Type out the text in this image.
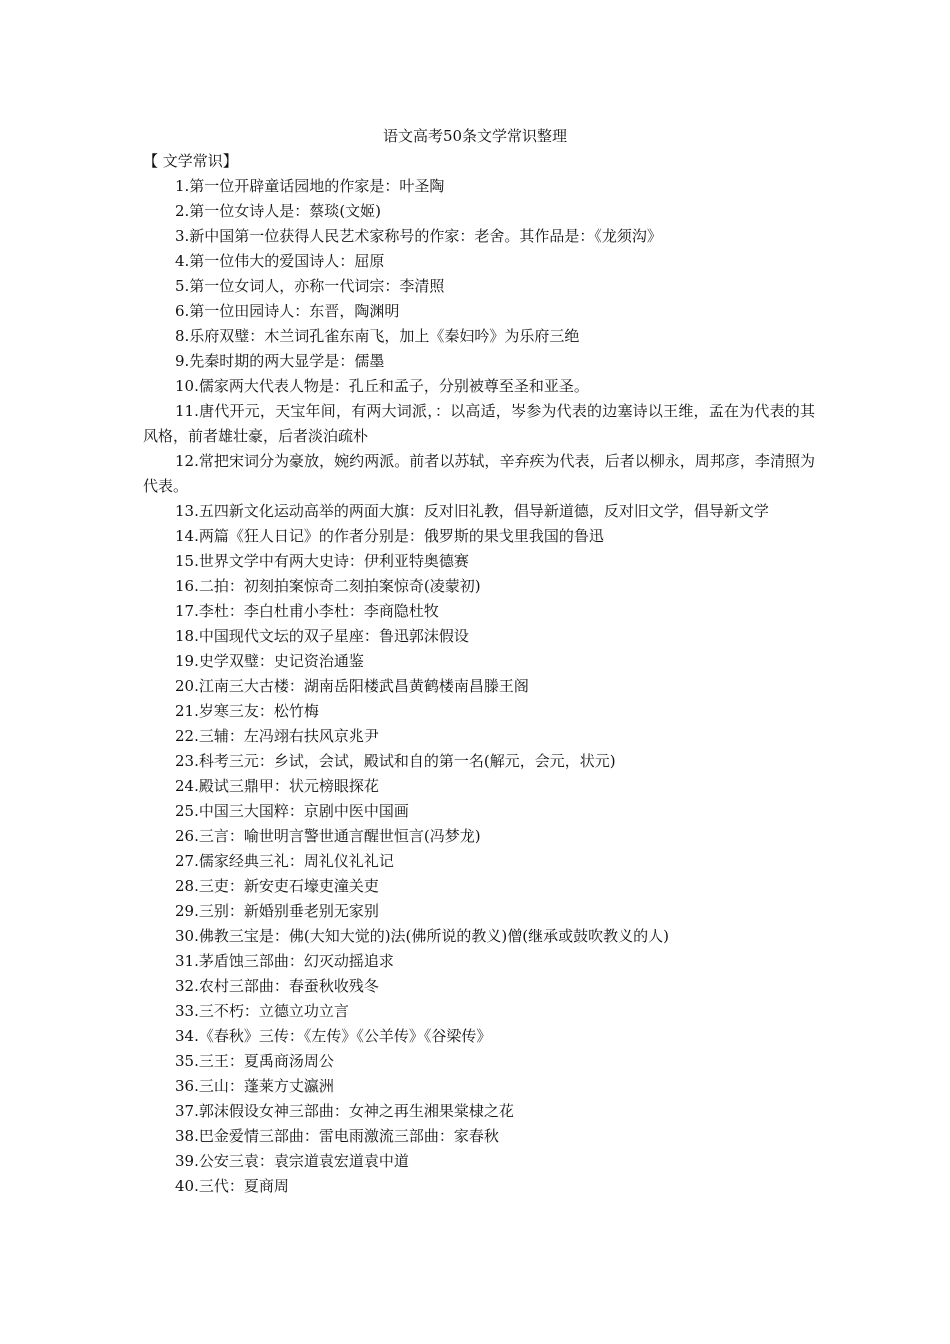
语文高考50条文学常识整理
【 文学常识】

1.第一位开辟童话园地的作家是：叶圣陶

2.第一位女诗人是：蔡琰(文姬)

3.新中国第一位获得人民艺术家称号的作家：老舍。其作品是：《龙须沟》

4.第一位伟大的爱国诗人：屈原

5.第一位女词人，亦称一代词宗：李清照

6.第一位田园诗人：东晋，陶渊明

8.乐府双璧：木兰词孔雀东南飞，加上《秦妇吟》为乐府三绝

9.先秦时期的两大显学是：儒墨

10.儒家两大代表人物是：孔丘和孟子，分别被尊至圣和亚圣。

11.唐代开元，天宝年间，有两大词派，：以高适，岑参为代表的边塞诗以王维，孟在为代表的其风格，前者雄壮豪，后者淡泊疏朴

12.常把宋词分为豪放，婉约两派。前者以苏轼，辛弃疾为代表，后者以柳永，周邦彦，李清照为代表。

13.五四新文化运动高举的两面大旗：反对旧礼教，倡导新道德，反对旧文学，倡导新文学

14.两篇《狂人日记》的作者分别是：俄罗斯的果戈里我国的鲁迅

15.世界文学中有两大史诗：伊利亚特奥德赛

16.二拍：初刻拍案惊奇二刻拍案惊奇(凌蒙初)

17.李杜：李白杜甫小李杜：李商隐杜牧

18.中国现代文坛的双子星座：鲁迅郭沫假设

19.史学双璧：史记资治通鉴

20.江南三大古楼：湖南岳阳楼武昌黄鹤楼南昌滕王阁

21.岁寒三友：松竹梅

22.三辅：左冯翊右扶风京兆尹

23.科考三元：乡试，会试，殿试和自的第一名(解元，会元，状元)

24.殿试三鼎甲：状元榜眼探花

25.中国三大国粹：京剧中医中国画

26.三言：喻世明言警世通言醒世恒言(冯梦龙)

27.儒家经典三礼：周礼仪礼礼记

28.三吏：新安吏石壕吏潼关吏

29.三别：新婚别垂老别无家别

30.佛教三宝是：佛(大知大觉的)法(佛所说的教义)僧(继承或鼓吹教义的人)

31.茅盾蚀三部曲：幻灭动摇追求

32.农村三部曲：春蚕秋收残冬

33.三不朽：立德立功立言

34.《春秋》三传：《左传》《公羊传》《谷梁传》

35.三王：夏禹商汤周公

36.三山：蓬莱方丈瀛洲

37.郭沫假设女神三部曲：女神之再生湘果棠棣之花

38.巴金爱情三部曲：雷电雨激流三部曲：家春秋

39.公安三袁：袁宗道袁宏道袁中道

40.三代：夏商周
